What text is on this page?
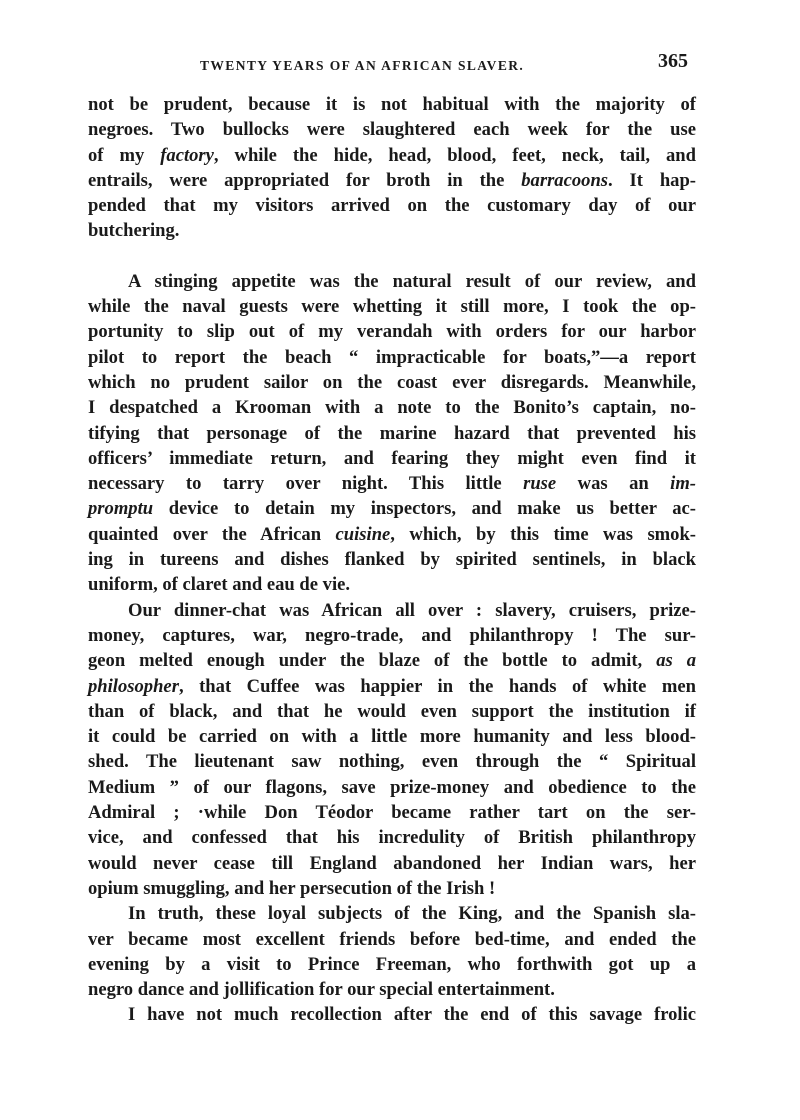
TWENTY YEARS OF AN AFRICAN SLAVER.	365
not be prudent, because it is not habitual with the majority of
negroes. Two bullocks were slaughtered each week for the use
of my factory, while the hide, head, blood, feet, neck, tail, and
entrails, were appropriated for broth in the barracoons. It hap-
pended that my visitors arrived on the customary day of our
butchering.
A stinging appetite was the natural result of our review, and
while the naval guests were whetting it still more, I took the op-
portunity to slip out of my verandah with orders for our harbor
pilot to report the beach “ impracticable for boats,”—a report
which no prudent sailor on the coast ever disregards. Meanwhile,
I despatched a Krooman with a note to the Bonito’s captain, no-
tifying that personage of the marine hazard that prevented his
officers’ immediate return, and fearing they might even find it
necessary to tarry over night. This little ruse was an im-
promptu device to detain my inspectors, and make us better ac-
quainted over the African cuisine, which, by this time was smok-
ing in tureens and dishes flanked by spirited sentinels, in black
uniform, of claret and eau de vie.
Our dinner-chat was African all over : slavery, cruisers, prize-
money, captures, war, negro-trade, and philanthropy ! The sur-
geon melted enough under the blaze of the bottle to admit, as a
philosopher, that Cuffee was happier in the hands of white men
than of black, and that he would even support the institution if
it could be carried on with a little more humanity and less blood-
shed. The lieutenant saw nothing, even through the “ Spiritual
Medium ” of our flagons, save prize-money and obedience to the
Admiral ; ·while Don Téodor became rather tart on the ser-
vice, and confessed that his incredulity of British philanthropy
would never cease till England abandoned her Indian wars, her
opium smuggling, and her persecution of the Irish !
In truth, these loyal subjects of the King, and the Spanish sla-
ver became most excellent friends before bed-time, and ended the
evening by a visit to Prince Freeman, who forthwith got up a
negro dance and jollification for our special entertainment.
I have not much recollection after the end of this savage frolic
